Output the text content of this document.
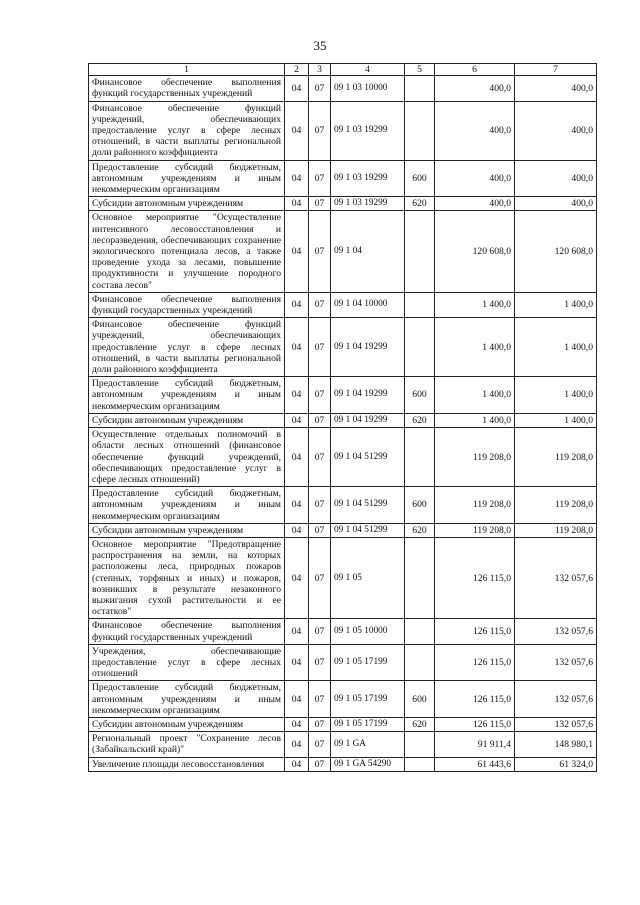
35
1	2	3	4	5	6	7
Финансовое обеспечение выполнения функций государственных учреждений	04	07	09 1 03 10000		400,0	400,0
Финансовое обеспечение функций учреждений, обеспечивающих предоставление услуг в сфере лесных отношений, в части выплаты региональной доли районного коэффициента	04	07	09 1 03 19299		400,0	400,0
Предоставление субсидий бюджетным, автономным учреждениям и иным некоммерческим организациям	04	07	09 1 03 19299	600	400,0	400,0
Субсидии автономным учреждениям	04	07	09 1 03 19299	620	400,0	400,0
Основное мероприятие "Осуществление интенсивного лесовосстановления и лесоразведения, обеспечивающих сохранение экологического потенциала лесов, а также проведение ухода за лесами, повышение продуктивности и улучшение породного состава лесов"	04	07	09 1 04		120 608,0	120 608,0
Финансовое обеспечение выполнения функций государственных учреждений	04	07	09 1 04 10000		1 400,0	1 400,0
Финансовое обеспечение функций учреждений, обеспечивающих предоставление услуг в сфере лесных отношений, в части выплаты региональной доли районного коэффициента	04	07	09 1 04 19299		1 400,0	1 400,0
Предоставление субсидий бюджетным, автономным учреждениям и иным некоммерческим организациям	04	07	09 1 04 19299	600	1 400,0	1 400,0
Субсидии автономным учреждениям	04	07	09 1 04 19299	620	1 400,0	1 400,0
Осуществление отдельных полномочий в области лесных отношений (финансовое обеспечение функций учреждений, обеспечивающих предоставление услуг в сфере лесных отношений)	04	07	09 1 04 51299		119 208,0	119 208,0
Предоставление субсидий бюджетным, автономным учреждениям и иным некоммерческим организациям	04	07	09 1 04 51299	600	119 208,0	119 208,0
Субсидии автономным учреждениям	04	07	09 1 04 51299	620	119 208,0	119 208,0
Основное мероприятие "Предотвращение распространения на земли, на которых расположены леса, природных пожаров (степных, торфяных и иных) и пожаров, возникших в результате незаконного выжигания сухой растительности и ее остатков"	04	07	09 1 05		126 115,0	132 057,6
Финансовое обеспечение выполнения функций государственных учреждений	04	07	09 1 05 10000		126 115,0	132 057,6
Учреждения, обеспечивающие предоставление услуг в сфере лесных отношений	04	07	09 1 05 17199		126 115,0	132 057,6
Предоставление субсидий бюджетным, автономным учреждениям и иным некоммерческим организациям	04	07	09 1 05 17199	600	126 115,0	132 057,6
Субсидии автономным учреждениям	04	07	09 1 05 17199	620	126 115,0	132 057,6
Региональный проект "Сохранение лесов (Забайкальский край)"	04	07	09 1 GA		91 911,4	148 980,1
Увеличение площади лесовосстановления	04	07	09 1 GA 54290		61 443,6	61 324,0
